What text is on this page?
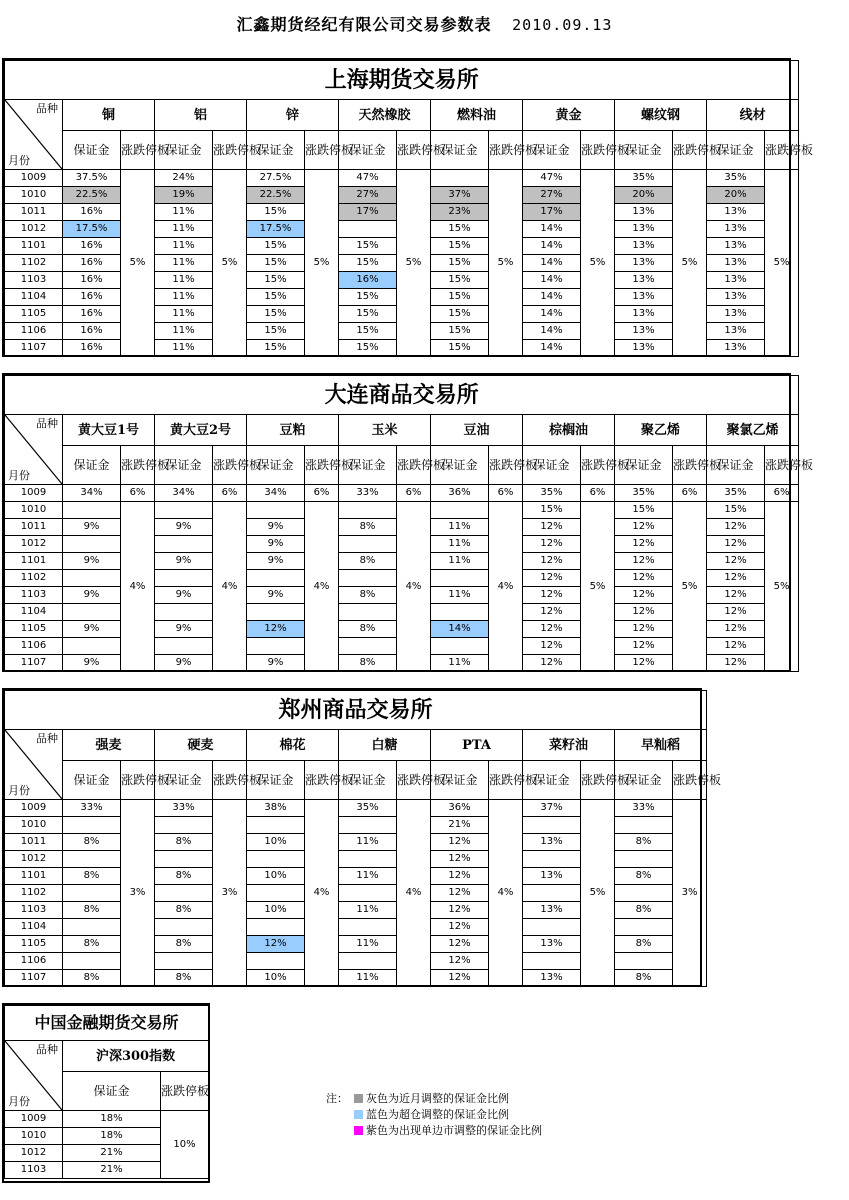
汇鑫期货经纪有限公司交易参数表 2010.09.13
上海期货交易所																

品种
月份	铜		铝		锌		天然橡胶		燃料油		黄金		螺纹钢		线材	
	保证金	涨跌停板	保证金	涨跌停板	保证金	涨跌停板	保证金	涨跌停板	保证金	涨跌停板	保证金	涨跌停板	保证金	涨跌停板	保证金	涨跌停板
1009	37.5%	5%	24%	5%	27.5%	5%	47%	5%		5%	47%	5%	35%	5%	35%	5%
1010	22.5%		19%		22.5%		27%		37%		27%		20%		20%	
1011	16%		11%		15%		17%		23%		17%		13%		13%	
1012	17.5%		11%		17.5%				15%		14%		13%		13%	
1101	16%		11%		15%		15%		15%		14%		13%		13%	
1102	16%		11%		15%		15%		15%		14%		13%		13%	
1103	16%		11%		15%		16%		15%		14%		13%		13%	
1104	16%		11%		15%		15%		15%		14%		13%		13%	
1105	16%		11%		15%		15%		15%		14%		13%		13%	
1106	16%		11%		15%		15%		15%		14%		13%		13%	
1107	16%		11%		15%		15%		15%		14%		13%		13%	
大连商品交易所																

品种
月份	黄大豆1号		黄大豆2号		豆粕		玉米		豆油		棕榈油		聚乙烯		聚氯乙烯	
	保证金	涨跌停板	保证金	涨跌停板	保证金	涨跌停板	保证金	涨跌停板	保证金	涨跌停板	保证金	涨跌停板	保证金	涨跌停板	保证金	涨跌停板
1009	34%	6%	34%	6%	34%	6%	33%	6%	36%	6%	35%	6%	35%	6%	35%	6%
1010		4%		4%		4%		4%		4%	15%	5%	15%	5%	15%	5%
1011	9%		9%		9%		8%		11%		12%		12%		12%	
1012					9%				11%		12%		12%		12%	
1101	9%		9%		9%		8%		11%		12%		12%		12%	
1102											12%		12%		12%	
1103	9%		9%		9%		8%		11%		12%		12%		12%	
1104											12%		12%		12%	
1105	9%		9%		12%		8%		14%		12%		12%		12%	
1106											12%		12%		12%	
1107	9%		9%		9%		8%		11%		12%		12%		12%	
郑州商品交易所														

品种
月份	强麦		硬麦		棉花		白糖		PTA		菜籽油		早籼稻	
	保证金	涨跌停板	保证金	涨跌停板	保证金	涨跌停板	保证金	涨跌停板	保证金	涨跌停板	保证金	涨跌停板	保证金	涨跌停板
1009	33%	3%	33%	3%	38%	4%	35%	4%	36%	4%	37%	5%	33%	3%
1010									21%					
1011	8%		8%		10%		11%		12%		13%		8%	
1012									12%					
1101	8%		8%		10%		11%		12%		13%		8%	
1102									12%					
1103	8%		8%		10%		11%		12%		13%		8%	
1104									12%					
1105	8%		8%		12%		11%		12%		13%		8%	
1106									12%					
1107	8%		8%		10%		11%		12%		13%		8%	
中国金融期货交易所		

品种
月份	沪深300指数	
	保证金	涨跌停板
1009	18%	10%
1010	18%	
1012	21%	
1103	21%	
注：	灰色为近月调整的保证金比例
蓝色为超仓调整的保证金比例
紫色为出现单边市调整的保证金比例
